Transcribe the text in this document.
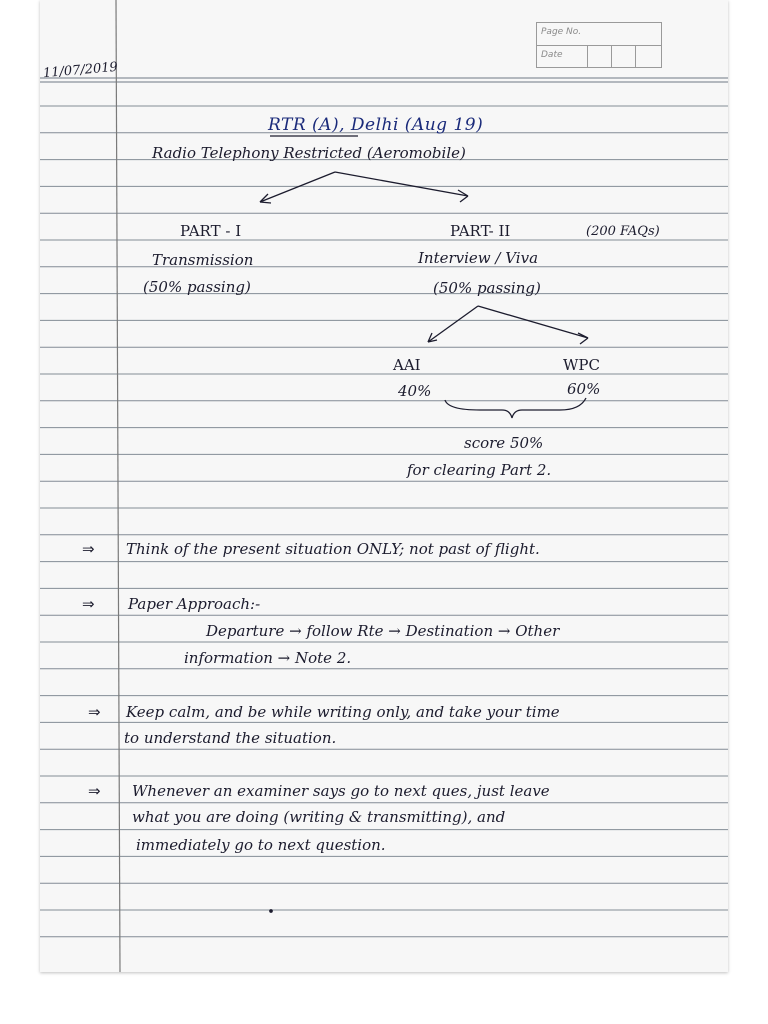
Page No.
Date

11/07/2019

RTR (A), Delhi (Aug 19)

Radio Telephony Restricted (Aeromobile)

PART - I

Transmission

(50% passing)

PART- II	(200 FAQs)

Interview / Viva

(50% passing)

AAI

40%

WPC

60%

score 50%

for clearing Part 2.

⇒ Think of the present situation ONLY; not past of flight.

⇒ Paper Approach:-

Departure → follow Rte → Destination → Other

information → Note 2.

⇒ Keep calm, and be while writing only, and take your time

to understand the situation.

⇒ Whenever an examiner says go to next ques, just leave

what you are doing (writing & transmitting), and

immediately go to next question.
